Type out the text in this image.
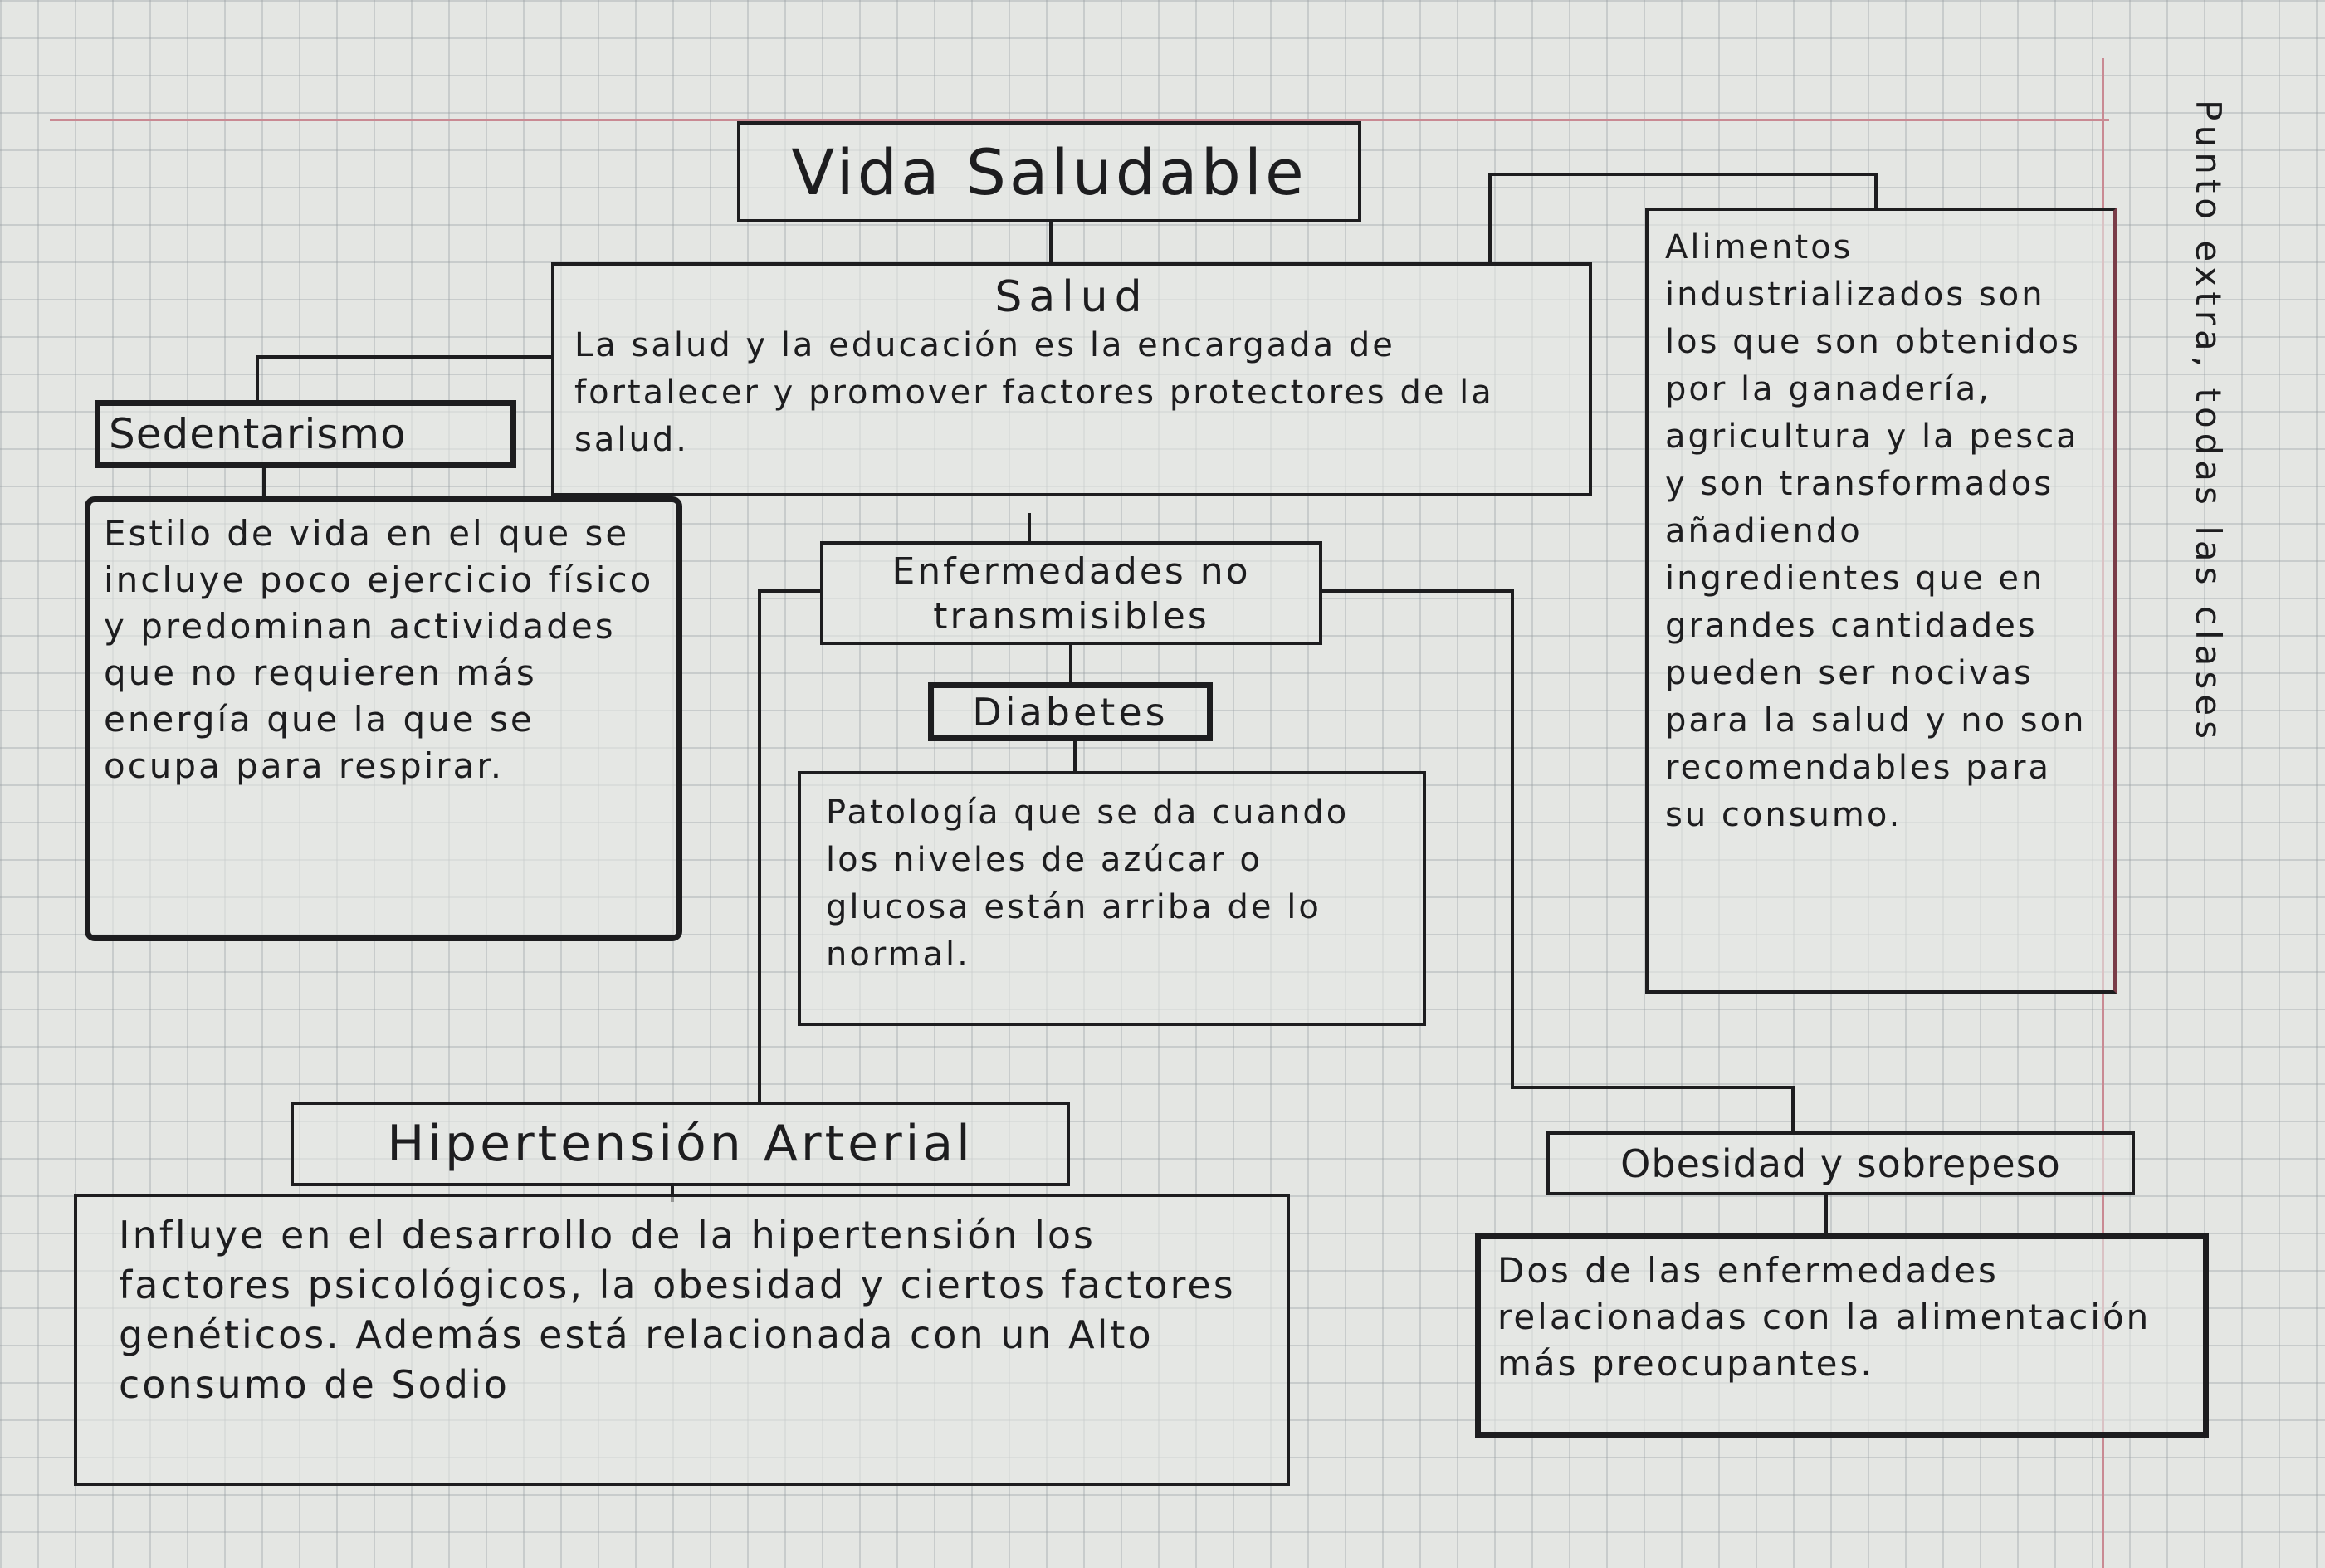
Vida Saludable
Salud
La salud y la educación es la encargada de fortalecer y promover factores protectores de la salud.
Sedentarismo
Estilo de vida en el que se incluye poco ejercicio físico y predominan actividades que no requieren más energía que la que se ocupa para respirar.
Alimentos industrializados son los que son obtenidos por la ganadería, agricultura y la pesca y son transformados añadiendo ingredientes que en grandes cantidades pueden ser nocivas para la salud y no son recomendables para su consumo.
Enfermedades no transmisibles
Diabetes
Patología que se da cuando los niveles de azúcar o glucosa están arriba de lo normal.
Hipertensión Arterial
Influye en el desarrollo de la hipertensión los factores psicológicos, la obesidad y ciertos factores genéticos. Además está relacionada con un Alto consumo de Sodio
Obesidad y sobrepeso
Dos de las enfermedades relacionadas con la alimentación más preocupantes.
Punto extra, todas las clases
